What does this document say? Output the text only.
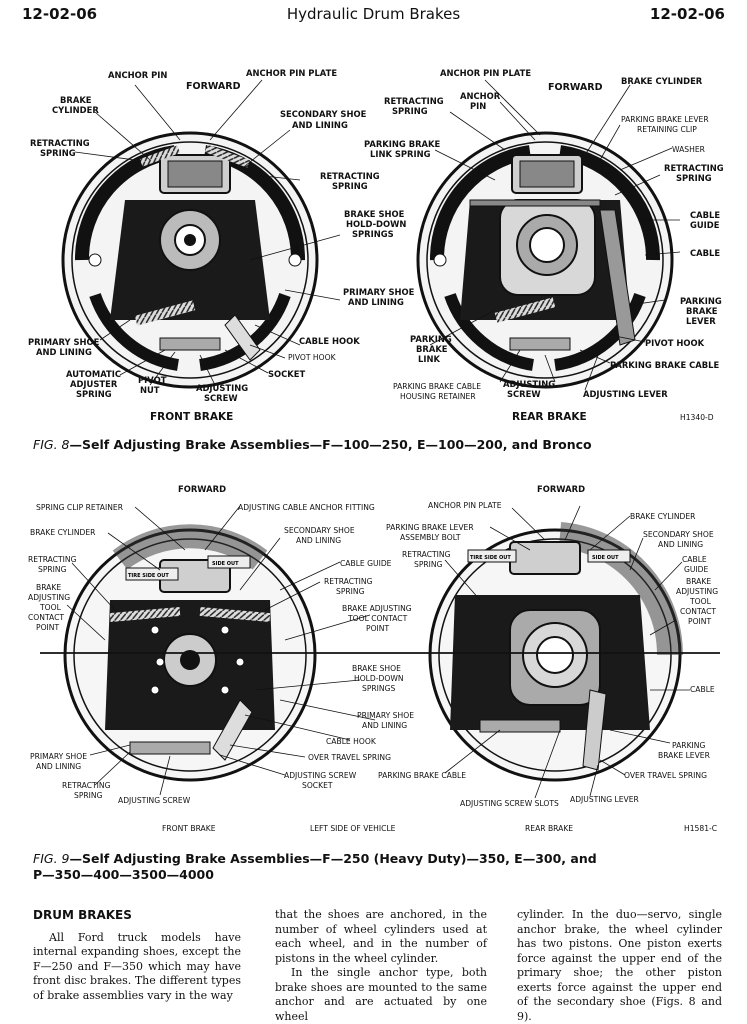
12-02-06	Hydraulic Drum Brakes	12-02-06
ANCHOR PIN	ANCHOR PIN PLATE
FORWARD
BRAKE
CYLINDER	SECONDARY SHOE
AND LINING
RETRACTING
SPRING
RETRACTING
SPRING
BRAKE SHOE
HOLD-DOWN
SPRINGS
PRIMARY SHOE
AND LINING
CABLE HOOK
PIVOT HOOK
SOCKET
PRIMARY SHOE
AND LINING
AUTOMATIC
ADJUSTER
SPRING
PIVOT
NUT	ADJUSTING
SCREW
FRONT BRAKE
ANCHOR PIN PLATE
FORWARD
BRAKE CYLINDER
ANCHOR
PIN
RETRACTING
SPRING
PARKING BRAKE LEVER
RETAINING CLIP
PARKING BRAKE
LINK SPRING	WASHER
RETRACTING
SPRING
CABLE
GUIDE
CABLE
PARKING
BRAKE
LEVER
PIVOT HOOK
PARKING
BRAKE
LINK
PARKING BRAKE CABLE
PARKING BRAKE CABLE
HOUSING RETAINER
ADJUSTING
SCREW	ADJUSTING LEVER
REAR BRAKE	H1340-D
FIG. 8—Self Adjusting Brake Assemblies—F—100—250, E—100—200, and Bronco
FORWARD
SPRING CLIP RETAINER	ADJUSTING CABLE ANCHOR FITTING
BRAKE CYLINDER	SECONDARY SHOE
AND LINING
RETRACTING
SPRING
CABLE GUIDE
RETRACTING
SPRING
BRAKE
ADJUSTING
TOOL
CONTACT
POINT
BRAKE ADJUSTING
TOOL CONTACT
POINT
BRAKE SHOE
HOLD-DOWN
SPRINGS
PRIMARY SHOE
AND LINING
CABLE HOOK
PRIMARY SHOE
AND LINING
OVER TRAVEL SPRING
ADJUSTING SCREW
SOCKET
RETRACTING
SPRING
ADJUSTING SCREW
PARKING BRAKE CABLE
ANCHOR PIN PLATE
FORWARD
PARKING BRAKE LEVER
ASSEMBLY BOLT
RETRACTING
SPRING
BRAKE CYLINDER
SECONDARY SHOE
AND LINING
CABLE
GUIDE
BRAKE
ADJUSTING
TOOL
CONTACT
POINT
CABLE
PARKING
BRAKE LEVER
OVER TRAVEL SPRING
ADJUSTING SCREW SLOTS ADJUSTING LEVER
FRONT BRAKE	LEFT SIDE OF VEHICLE	REAR BRAKE	H1581-C
TIRE SIDE OUT
SIDE OUT
TIRE SIDE OUT	SIDE OUT
FIG. 9—Self Adjusting Brake Assemblies—F—250 (Heavy Duty)—350, E—300, and
P—350—400—3500—4000
DRUM BRAKES

All Ford truck models have internal expanding shoes, except the F—250 and F—350 which may have front disc brakes. The different types of brake assemblies vary in the way

that the shoes are anchored, in the number of wheel cylinders used at each wheel, and in the number of pistons in the wheel cylinder.

In the single anchor type, both brake shoes are mounted to the same anchor and are actuated by one wheel

cylinder. In the duo—servo, single anchor brake, the wheel cylinder has two pistons. One piston exerts force against the upper end of the primary shoe; the other piston exerts force against the upper end of the secondary shoe (Figs. 8 and 9).
